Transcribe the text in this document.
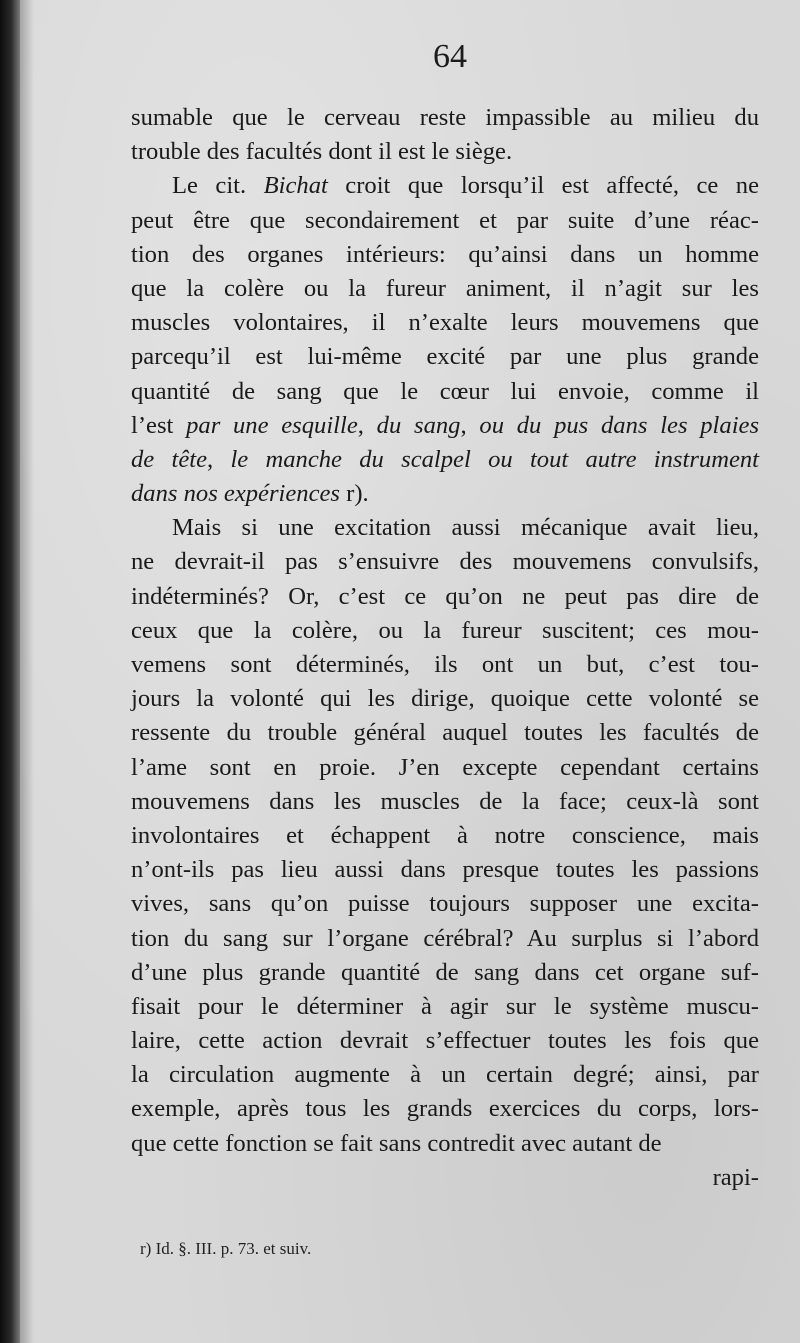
64
sumable que le cerveau reste impassible au milieu du
trouble des facultés dont il est le siège.
Le cit. Bichat croit que lorsqu’il est affecté, ce ne
peut être que secondairement et par suite d’une réac-
tion des organes intérieurs: qu’ainsi dans un homme
que la colère ou la fureur animent, il n’agit sur les
muscles volontaires, il n’exalte leurs mouvemens que
parcequ’il est lui-même excité par une plus grande
quantité de sang que le cœur lui envoie, comme il
l’est par une esquille, du sang, ou du pus dans les plaies
de tête, le manche du scalpel ou tout autre instrument
dans nos expériences r).
Mais si une excitation aussi mécanique avait lieu,
ne devrait-il pas s’ensuivre des mouvemens convulsifs,
indéterminés? Or, c’est ce qu’on ne peut pas dire de
ceux que la colère, ou la fureur suscitent; ces mou-
vemens sont déterminés, ils ont un but, c’est tou-
jours la volonté qui les dirige, quoique cette volonté se
ressente du trouble général auquel toutes les facultés de
l’ame sont en proie. J’en excepte cependant certains
mouvemens dans les muscles de la face; ceux-là sont
involontaires et échappent à notre conscience, mais
n’ont-ils pas lieu aussi dans presque toutes les passions
vives, sans qu’on puisse toujours supposer une excita-
tion du sang sur l’organe cérébral? Au surplus si l’abord
d’une plus grande quantité de sang dans cet organe suf-
fisait pour le déterminer à agir sur le système muscu-
laire, cette action devrait s’effectuer toutes les fois que
la circulation augmente à un certain degré; ainsi, par
exemple, après tous les grands exercices du corps, lors-
que cette fonction se fait sans contredit avec autant de
rapi-
r) Id. §. III. p. 73. et suiv.
